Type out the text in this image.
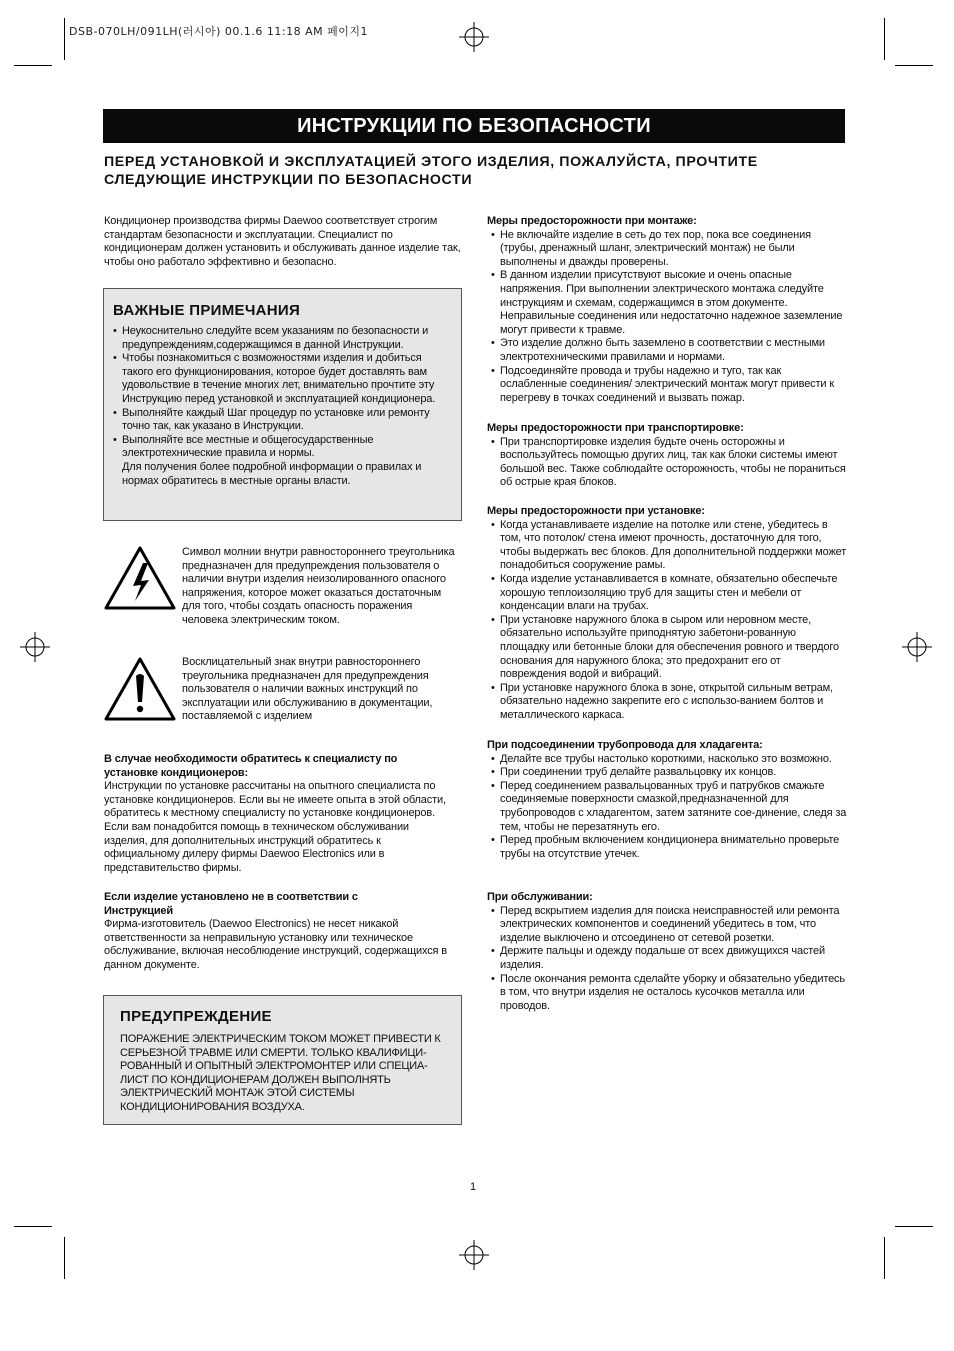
DSB-070LH/091LH(러시아) 00.1.6 11:18 AM 페이지1
ИНСТРУКЦИИ ПО БЕЗОПАСНОСТИ
ПЕРЕД УСТАНОВКОЙ И ЭКСПЛУАТАЦИЕЙ ЭТОГО ИЗДЕЛИЯ, ПОЖАЛУЙСТА, ПРОЧТИТЕ СЛЕДУЮЩИЕ ИНСТРУКЦИИ ПО БЕЗОПАСНОСТИ
Кондиционер производства фирмы Daewoo соответствует строгим стандартам безопасности и эксплуатации. Специалист по кондиционерам должен установить и обслуживать данное изделие так, чтобы оно работало эффективно и безопасно.
ВАЖНЫЕ ПРИМЕЧАНИЯ
• Неукоснительно следуйте всем указаниям по безопасности и предупреждениям,содержащимся в данной Инструкции.
• Чтобы познакомиться с возможностями изделия и добиться такого его функционирования, которое будет доставлять вам удовольствие в течение многих лет, внимательно прочтите эту Инструкцию перед установкой и эксплуатацией кондиционера.
• Выполняйте каждый Шаг процедур по установке или ремонту точно так, как указано в Инструкции.
• Выполняйте все местные и общегосударственные электротехнические правила и нормы.
Для получения более подробной информации о правилах и нормах обратитесь в местные органы власти.
Символ молнии внутри равностороннего треугольника предназначен для предупреждения пользователя о наличии внутри изделия неизолированного опасного напряжения, которое может оказаться достаточным для того, чтобы создать опасность поражения человека электрическим током.
Восклицательный знак внутри равностороннего треугольника предназначен для предупреждения пользователя о наличии важных инструкций по эксплуатации или обслуживанию в документации, поставляемой с изделием
В случае необходимости обратитесь к специалисту по установке кондиционеров:
Инструкции по установке рассчитаны на опытного специалиста по установке кондиционеров. Если вы не имеете опыта в этой области, обратитесь к местному специалисту по установке кондиционеров. Если вам понадобится помощь в техническом обслуживании изделия, для дополнительных инструкций обратитесь к официальному дилеру фирмы Daewoo Electronics или в представительство фирмы.
Если изделие установлено не в соответствии с Инструкцией
Фирма-изготовитель (Daewoo Electronics) не несет никакой ответственности за неправильную установку или техническое обслуживание, включая несоблюдение инструкций, содержащихся в данном документе.
ПРЕДУПРЕЖДЕНИЕ
ПОРАЖЕНИЕ ЭЛЕКТРИЧЕСКИМ ТОКОМ МОЖЕТ ПРИВЕСТИ К СЕРЬЕЗНОЙ ТРАВМЕ ИЛИ СМЕРТИ. ТОЛЬКО КВАЛИФИЦИ-РОВАННЫЙ И ОПЫТНЫЙ ЭЛЕКТРОМОНТЕР ИЛИ СПЕЦИА-ЛИСТ ПО КОНДИЦИОНЕРАМ ДОЛЖЕН ВЫПОЛНЯТЬ ЭЛЕКТРИЧЕСКИЙ МОНТАЖ ЭТОЙ СИСТЕМЫ КОНДИЦИОНИРОВАНИЯ ВОЗДУХА.
Меры предосторожности при монтаже:
• Не включайте изделие в сеть до тех пор, пока все соединения (трубы, дренажный шланг, электрический монтаж) не были выполнены и дважды проверены.
• В данном изделии присутствуют высокие и очень опасные напряжения. При выполнении электрического монтажа следуйте инструкциям и схемам, содержащимся в этом документе. Неправильные соединения или недостаточно надежное заземление могут привести к травме.
• Это изделие должно быть заземлено в соответствии с местными электротехническими правилами и нормами.
• Подсоединяйте провода и трубы надежно и туго, так как ослабленные соединения/ электрический монтаж могут привести к перегреву в точках соединений и вызвать пожар.
Меры предосторожности при транспортировке:
• При транспортировке изделия будьте очень осторожны и воспользуйтесь помощью других лиц, так как блоки системы имеют большой вес. Также соблюдайте осторожность, чтобы не пораниться об острые края блоков.
Меры предосторожности при установке:
• Когда устанавливаете изделие на потолке или стене, убедитесь в том, что потолок/ стена имеют прочность, достаточную для того, чтобы выдержать вес блоков. Для дополнительной поддержки может понадобиться сооружение рамы.
• Когда изделие устанавливается в комнате, обязательно обеспечьте хорошую теплоизоляцию труб для защиты стен и мебели от конденсации влаги на трубах.
• При установке наружного блока в сыром или неровном месте, обязательно используйте приподнятую забетони-рованную площадку или бетонные блоки для обеспечения ровного и твердого основания для наружного блока; это предохранит его от повреждения водой и вибраций.
• При установке наружного блока в зоне, открытой сильным ветрам, обязательно надежно закрепите его с использо-ванием болтов и металлического каркаса.
При подсоединении трубопровода для хладагента:
• Делайте все трубы настолько короткими, насколько это возможно.
• При соединении труб делайте развальцовку их концов.
• Перед соединением развальцованных труб и патрубков смажьте соединяемые поверхности смазкой,предназначенной для трубопроводов с хладагентом, затем затяните сое-динение, следя за тем, чтобы не перезатянуть его.
• Перед пробным включением кондиционера внимательно проверьте трубы на отсутствие утечек.
При обслуживании:
• Перед вскрытием изделия для поиска неисправностей или ремонта электрических компонентов и соединений убедитесь в том, что изделие выключено и отсоединено от сетевой розетки.
• Держите пальцы и одежду подальше от всех движущихся частей изделия.
• После окончания ремонта сделайте уборку и обязательно убедитесь в том, что внутри изделия не осталось кусочков металла или проводов.
1
